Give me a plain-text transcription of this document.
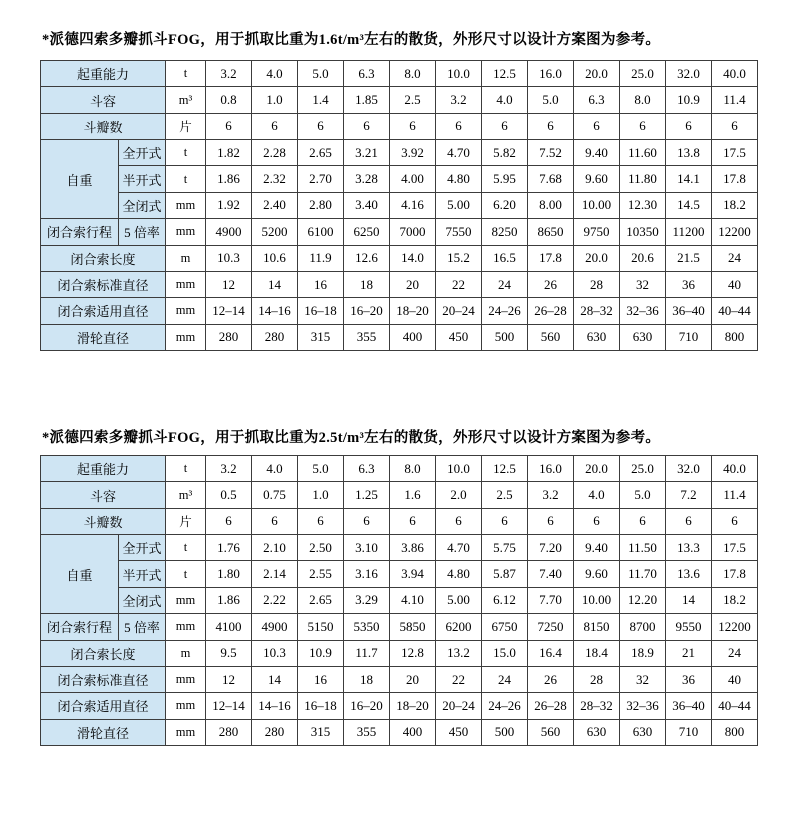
*派德四索多瓣抓斗FOG，用于抓取比重为1.6t/m³左右的散货，外形尺寸以设计方案图为参考。

起重能力		t	3.2	4.0	5.0	6.3	8.0	10.0	12.5	16.0	20.0	25.0	32.0	40.0
斗容		m³	0.8	1.0	1.4	1.85	2.5	3.2	4.0	5.0	6.3	8.0	10.9	11.4
斗瓣数		片	6	6	6	6	6	6	6	6	6	6	6	6
自重	全开式	t	1.82	2.28	2.65	3.21	3.92	4.70	5.82	7.52	9.40	11.60	13.8	17.5
	半开式	t	1.86	2.32	2.70	3.28	4.00	4.80	5.95	7.68	9.60	11.80	14.1	17.8
	全闭式	mm	1.92	2.40	2.80	3.40	4.16	5.00	6.20	8.00	10.00	12.30	14.5	18.2
闭合索行程	5 倍率	mm	4900	5200	6100	6250	7000	7550	8250	8650	9750	10350	11200	12200
闭合索长度		m	10.3	10.6	11.9	12.6	14.0	15.2	16.5	17.8	20.0	20.6	21.5	24
闭合索标准直径		mm	12	14	16	18	20	22	24	26	28	32	36	40
闭合索适用直径		mm	12–14	14–16	16–18	16–20	18–20	20–24	24–26	26–28	28–32	32–36	36–40	40–44
滑轮直径		mm	280	280	315	355	400	450	500	560	630	630	710	800

*派德四索多瓣抓斗FOG，用于抓取比重为2.5t/m³左右的散货，外形尺寸以设计方案图为参考。

起重能力		t	3.2	4.0	5.0	6.3	8.0	10.0	12.5	16.0	20.0	25.0	32.0	40.0
斗容		m³	0.5	0.75	1.0	1.25	1.6	2.0	2.5	3.2	4.0	5.0	7.2	11.4
斗瓣数		片	6	6	6	6	6	6	6	6	6	6	6	6
自重	全开式	t	1.76	2.10	2.50	3.10	3.86	4.70	5.75	7.20	9.40	11.50	13.3	17.5
	半开式	t	1.80	2.14	2.55	3.16	3.94	4.80	5.87	7.40	9.60	11.70	13.6	17.8
	全闭式	mm	1.86	2.22	2.65	3.29	4.10	5.00	6.12	7.70	10.00	12.20	14	18.2
闭合索行程	5 倍率	mm	4100	4900	5150	5350	5850	6200	6750	7250	8150	8700	9550	12200
闭合索长度		m	9.5	10.3	10.9	11.7	12.8	13.2	15.0	16.4	18.4	18.9	21	24
闭合索标准直径		mm	12	14	16	18	20	22	24	26	28	32	36	40
闭合索适用直径		mm	12–14	14–16	16–18	16–20	18–20	20–24	24–26	26–28	28–32	32–36	36–40	40–44
滑轮直径		mm	280	280	315	355	400	450	500	560	630	630	710	800
